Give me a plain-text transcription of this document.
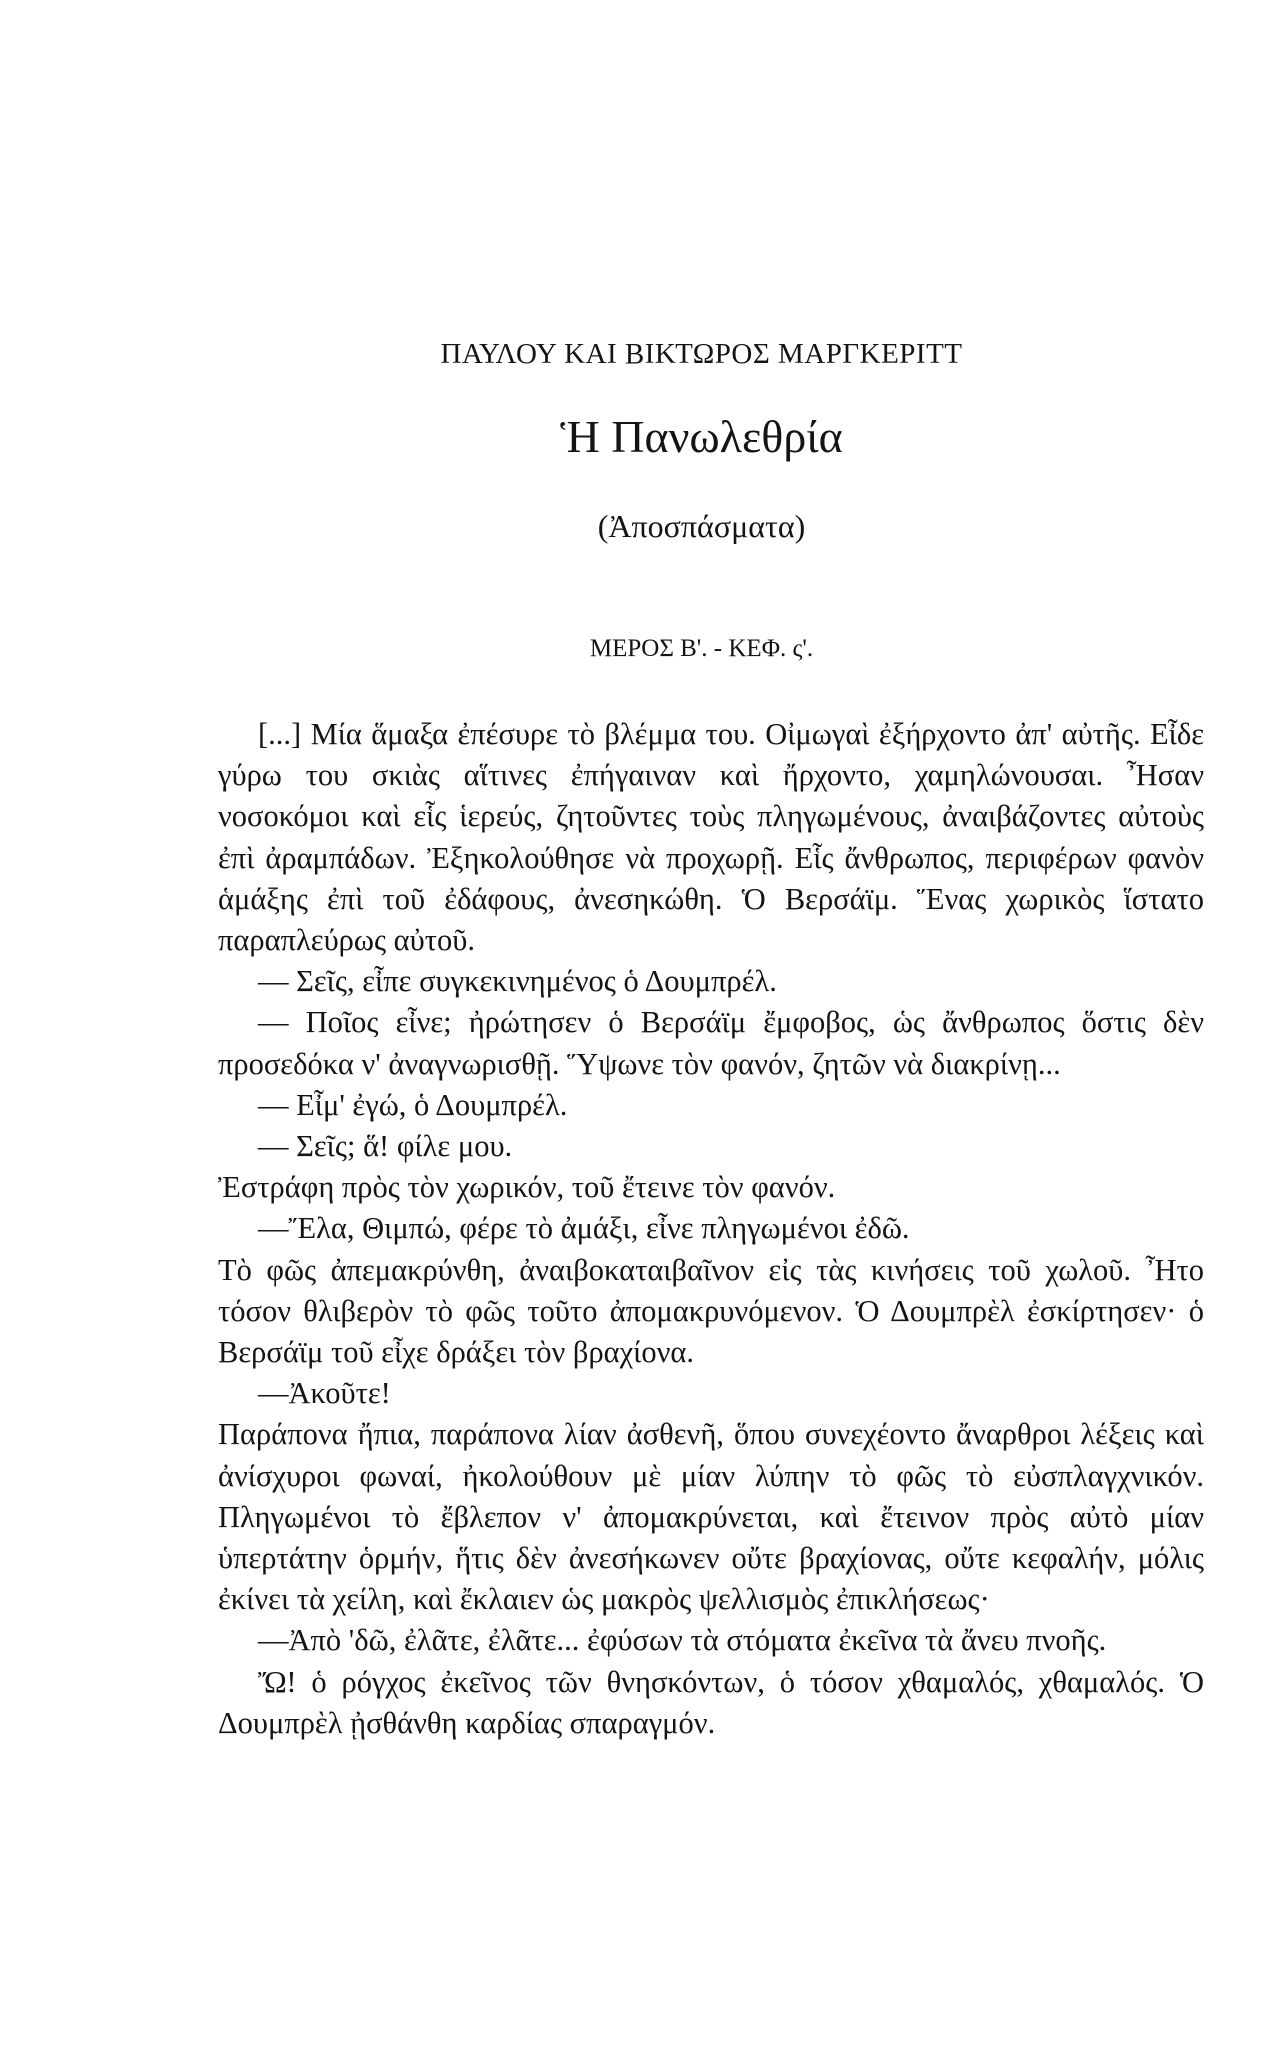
ΠΑΥΛΟΥ ΚΑΙ ΒΙΚΤΩΡΟΣ ΜΑΡΓΚΕΡΙΤΤ
Ἡ Πανωλεθρία
(Ἀποσπάσματα)
ΜΕΡΟΣ Β'. - ΚΕΦ. ς'.

[...] Μία ἅμαξα ἐπέσυρε τὸ βλέμμα του. Οἰμωγαὶ ἐξήρχοντο ἀπ' αὐτῆς. Εἶδε γύρω του σκιὰς αἵτινες ἐπήγαιναν καὶ ἤρχοντο, χαμηλώνουσαι. Ἦσαν νοσοκόμοι καὶ εἷς ἱερεύς, ζητοῦντες τοὺς πληγωμένους, ἀναιβάζοντες αὐτοὺς ἐπὶ ἀραμπάδων. Ἐξηκολούθησε νὰ προχωρῇ. Εἷς ἄνθρωπος, περιφέρων φανὸν ἁμάξης ἐπὶ τοῦ ἐδάφους, ἀνεσηκώθη. Ὁ Βερσάϊμ. Ἕνας χωρικὸς ἵστατο παραπλεύρως αὐτοῦ.

— Σεῖς, εἶπε συγκεκινημένος ὁ Δουμπρέλ.

— Ποῖος εἶνε; ἠρώτησεν ὁ Βερσάϊμ ἔμφοβος, ὡς ἄνθρωπος ὅστις δὲν προσεδόκα ν' ἀναγνωρισθῇ. Ὕψωνε τὸν φανόν, ζητῶν νὰ διακρίνῃ...

— Εἶμ' ἐγώ, ὁ Δουμπρέλ.

— Σεῖς; ἅ! φίλε μου.

Ἐστράφη πρὸς τὸν χωρικόν, τοῦ ἔτεινε τὸν φανόν.

—Ἔλα, Θιμπώ, φέρε τὸ ἀμάξι, εἶνε πληγωμένοι ἐδῶ.

Τὸ φῶς ἀπεμακρύνθη, ἀναιβοκαταιβαῖνον εἰς τὰς κινήσεις τοῦ χωλοῦ. Ἦτο τόσον θλιβερὸν τὸ φῶς τοῦτο ἀπομακρυνόμενον. Ὁ Δουμπρὲλ ἐσκίρτησεν· ὁ Βερσάϊμ τοῦ εἶχε δράξει τὸν βραχίονα.

—Ἀκοῦτε!

Παράπονα ἤπια, παράπονα λίαν ἀσθενῆ, ὅπου συνεχέοντο ἄναρθροι λέξεις καὶ ἀνίσχυροι φωναί, ἠκολούθουν μὲ μίαν λύπην τὸ φῶς τὸ εὐσπλαγχνικόν. Πληγωμένοι τὸ ἔβλεπον ν' ἀπομακρύνεται, καὶ ἔτεινον πρὸς αὐτὸ μίαν ὑπερτάτην ὁρμήν, ἥτις δὲν ἀνεσήκωνεν οὔτε βραχίονας, οὔτε κεφαλήν, μόλις ἐκίνει τὰ χείλη, καὶ ἔκλαιεν ὡς μακρὸς ψελλισμὸς ἐπικλήσεως·

—Ἀπὸ 'δῶ, ἐλᾶτε, ἐλᾶτε... ἐφύσων τὰ στόματα ἐκεῖνα τὰ ἄνευ πνοῆς.

Ὤ! ὁ ρόγχος ἐκεῖνος τῶν θνησκόντων, ὁ τόσον χθαμαλός, χθαμαλός. Ὁ Δουμπρὲλ ᾐσθάνθη καρδίας σπαραγμόν.
